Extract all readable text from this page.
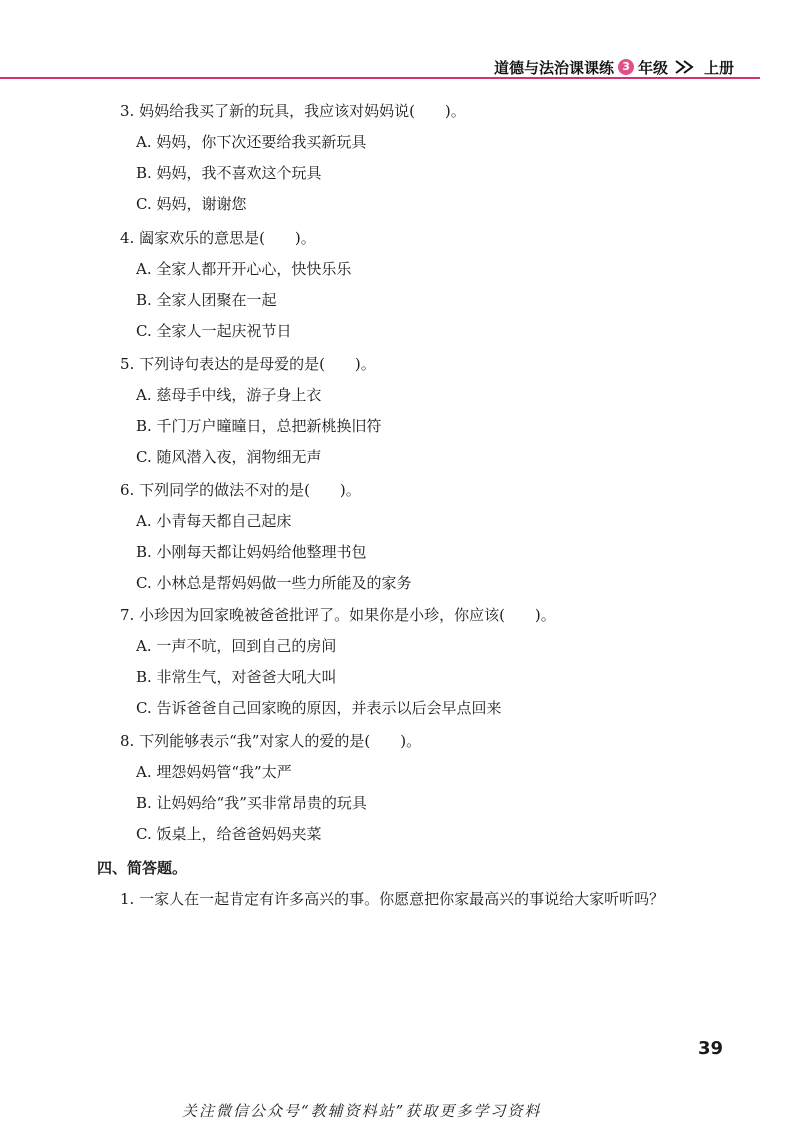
道德与法治课课练 3 年级 上册
3. 妈妈给我买了新的玩具，我应该对妈妈说(　　)。
A. 妈妈，你下次还要给我买新玩具
B. 妈妈，我不喜欢这个玩具
C. 妈妈，谢谢您
4. 阖家欢乐的意思是(　　)。
A. 全家人都开开心心，快快乐乐
B. 全家人团聚在一起
C. 全家人一起庆祝节日
5. 下列诗句表达的是母爱的是(　　)。
A. 慈母手中线，游子身上衣
B. 千门万户曈曈日，总把新桃换旧符
C. 随风潜入夜，润物细无声
6. 下列同学的做法不对的是(　　)。
A. 小青每天都自己起床
B. 小刚每天都让妈妈给他整理书包
C. 小林总是帮妈妈做一些力所能及的家务
7. 小珍因为回家晚被爸爸批评了。如果你是小珍，你应该(　　)。
A. 一声不吭，回到自己的房间
B. 非常生气，对爸爸大吼大叫
C. 告诉爸爸自己回家晚的原因，并表示以后会早点回来
8. 下列能够表示“我”对家人的爱的是(　　)。
A. 埋怨妈妈管“我”太严
B. 让妈妈给“我”买非常昂贵的玩具
C. 饭桌上，给爸爸妈妈夹菜
四、简答题。
1. 一家人在一起肯定有许多高兴的事。你愿意把你家最高兴的事说给大家听听吗？
39
关注微信公众号“教辅资料站”获取更多学习资料
